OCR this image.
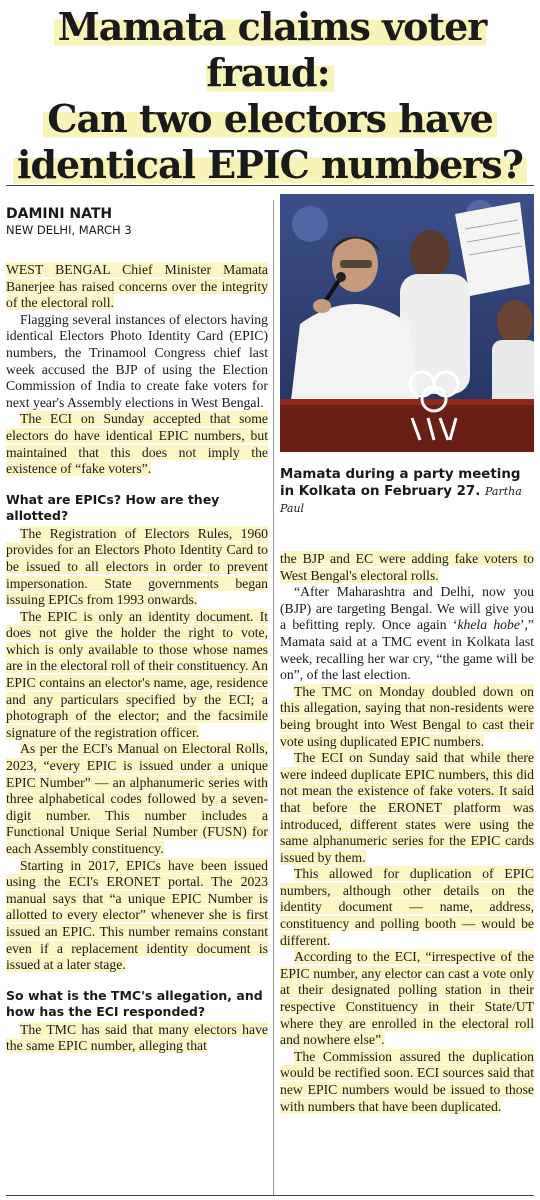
Mamata claims voter fraud:
Can two electors have
identical EPIC numbers?
DAMINI NATH
NEW DELHI, MARCH 3
Mamata during a party meeting in Kolkata on February 27. Partha Paul

WEST BENGAL Chief Minister Mamata Banerjee has raised concerns over the integrity of the electoral roll.

Flagging several instances of electors having identical Electors Photo Identity Card (EPIC) numbers, the Trinamool Congress chief last week accused the BJP of using the Election Commission of India to create fake voters for next year's Assembly elections in West Bengal.

The ECI on Sunday accepted that some electors do have identical EPIC numbers, but maintained that this does not imply the existence of “fake voters”.

What are EPICs? How are they allotted?

The Registration of Electors Rules, 1960 provides for an Electors Photo Identity Card to be issued to all electors in order to prevent impersonation. State governments began issuing EPICs from 1993 onwards.

The EPIC is only an identity document. It does not give the holder the right to vote, which is only available to those whose names are in the electoral roll of their constituency. An EPIC contains an elector's name, age, residence and any particulars specified by the ECI; a photograph of the elector; and the facsimile signature of the registration officer.

As per the ECI's Manual on Electoral Rolls, 2023, “every EPIC is issued under a unique EPIC Number” — an alphanumeric series with three alphabetical codes followed by a seven-digit number. This number includes a Functional Unique Serial Number (FUSN) for each Assembly constituency.

Starting in 2017, EPICs have been issued using the ECI's ERONET portal. The 2023 manual says that “a unique EPIC Number is allotted to every elector” whenever she is first issued an EPIC. This number remains constant even if a replacement identity document is issued at a later stage.

So what is the TMC's allegation, and how has the ECI responded?

The TMC has said that many electors have the same EPIC number, alleging that

the BJP and EC were adding fake voters to West Bengal's electoral rolls.

“After Maharashtra and Delhi, now you (BJP) are targeting Bengal. We will give you a befitting reply. Once again ‘khela hobe’,” Mamata said at a TMC event in Kolkata last week, recalling her war cry, “the game will be on”, of the last election.

The TMC on Monday doubled down on this allegation, saying that non-residents were being brought into West Bengal to cast their vote using duplicated EPIC numbers.

The ECI on Sunday said that while there were indeed duplicate EPIC numbers, this did not mean the existence of fake voters. It said that before the ERONET platform was introduced, different states were using the same alphanumeric series for the EPIC cards issued by them.

This allowed for duplication of EPIC numbers, although other details on the identity document — name, address, constituency and polling booth — would be different.

According to the ECI, “irrespective of the EPIC number, any elector can cast a vote only at their designated polling station in their respective Constituency in their State/UT where they are enrolled in the electoral roll and nowhere else”.

The Commission assured the duplication would be rectified soon. ECI sources said that new EPIC numbers would be issued to those with numbers that have been duplicated.
